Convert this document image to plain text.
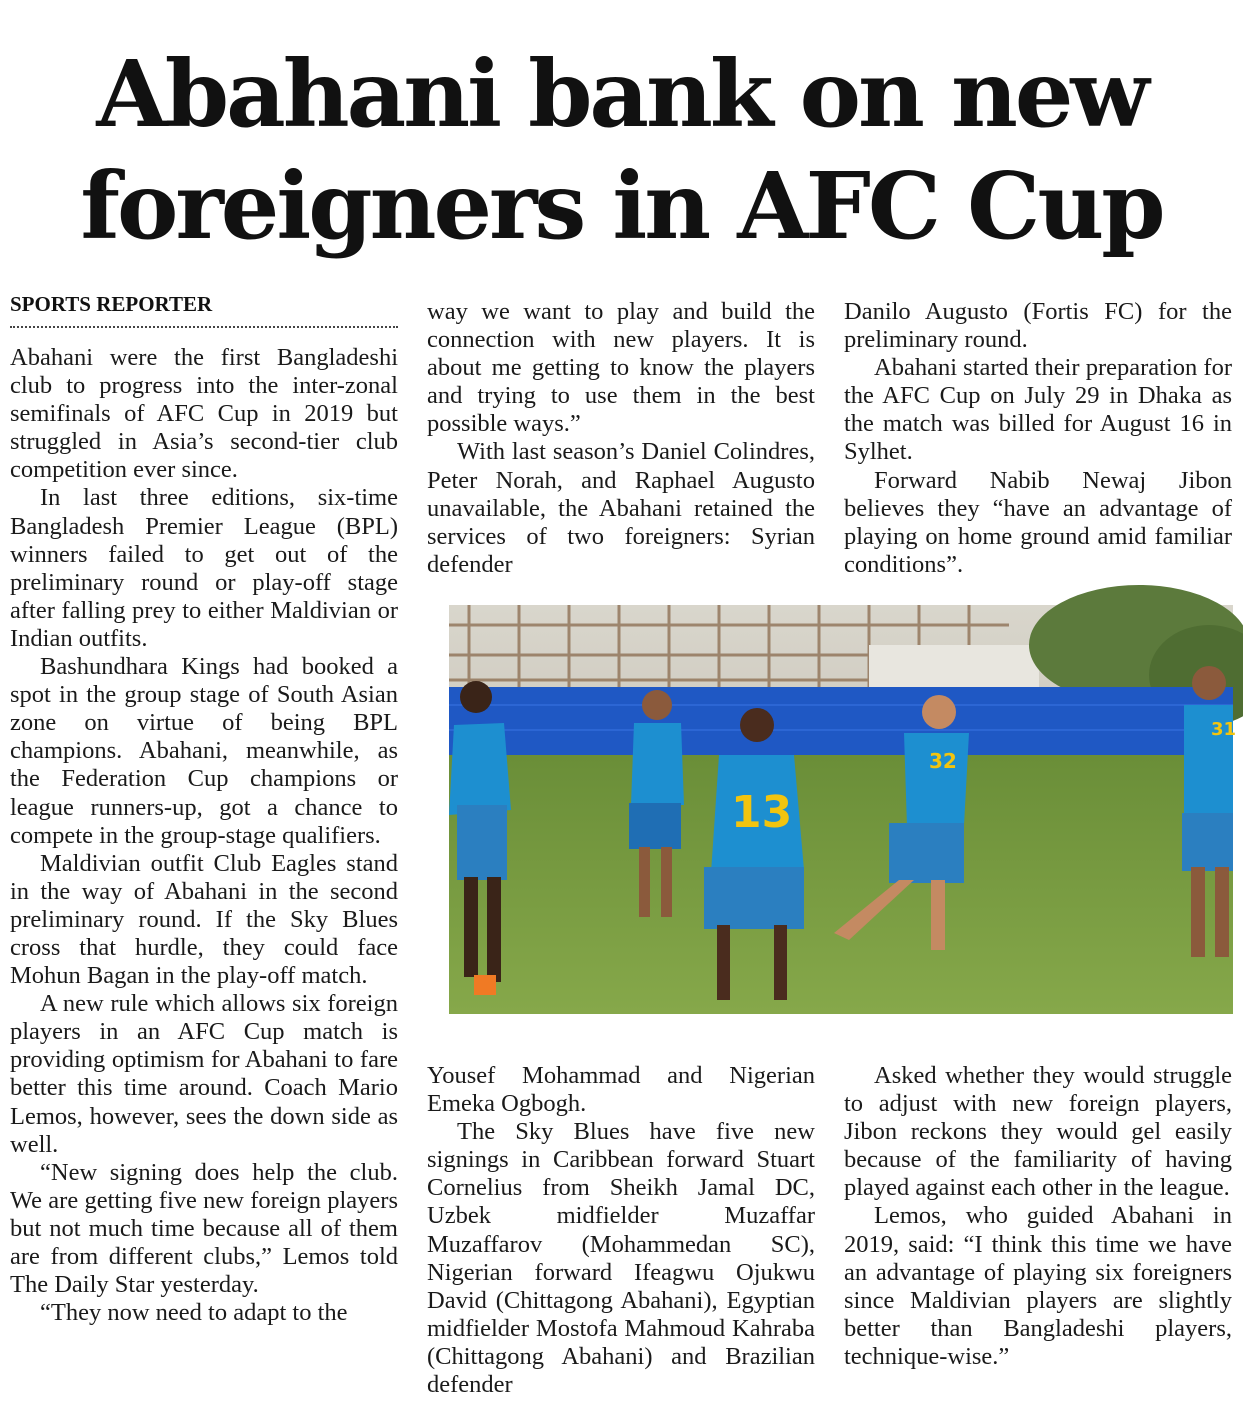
Abahani bank on new
foreigners in AFC Cup
SPORTS REPORTER

Abahani were the first Bangladeshi club to progress into the inter-zonal semifinals of AFC Cup in 2019 but struggled in Asia’s second-tier club competition ever since.

In last three editions, six-time Bangladesh Premier League (BPL) winners failed to get out of the preliminary round or play-off stage after falling prey to either Maldivian or Indian outfits.

Bashundhara Kings had booked a spot in the group stage of South Asian zone on virtue of being BPL champions. Abahani, meanwhile, as the Federation Cup champions or league runners-up, got a chance to compete in the group-stage qualifiers.

Maldivian outfit Club Eagles stand in the way of Abahani in the second preliminary round. If the Sky Blues cross that hurdle, they could face Mohun Bagan in the play-off match.

A new rule which allows six foreign players in an AFC Cup match is providing optimism for Abahani to fare better this time around. Coach Mario Lemos, however, sees the down side as well.

“New signing does help the club. We are getting five new foreign players but not much time because all of them are from different clubs,” Lemos told The Daily Star yesterday.

“They now need to adapt to the

way we want to play and build the connection with new players. It is about me getting to know the players and trying to use them in the best possible ways.”

With last season’s Daniel Colindres, Peter Norah, and Raphael Augusto unavailable, the Abahani retained the services of two foreigners: Syrian defender

Danilo Augusto (Fortis FC) for the preliminary round.

Abahani started their preparation for the AFC Cup on July 29 in Dhaka as the match was billed for August 16 in Sylhet.

Forward Nabib Newaj Jibon believes they “have an advantage of playing on home ground amid familiar conditions”.

13
32
31

Yousef Mohammad and Nigerian Emeka Ogbogh.

The Sky Blues have five new signings in Caribbean forward Stuart Cornelius from Sheikh Jamal DC, Uzbek midfielder Muzaffar Muzaffarov (Mohammedan SC), Nigerian forward Ifeagwu Ojukwu David (Chittagong Abahani), Egyptian midfielder Mostofa Mahmoud Kahraba (Chittagong Abahani) and Brazilian defender

Asked whether they would struggle to adjust with new foreign players, Jibon reckons they would gel easily because of the familiarity of having played against each other in the league.

Lemos, who guided Abahani in 2019, said: “I think this time we have an advantage of playing six foreigners since Maldivian players are slightly better than Bangladeshi players, technique-wise.”
